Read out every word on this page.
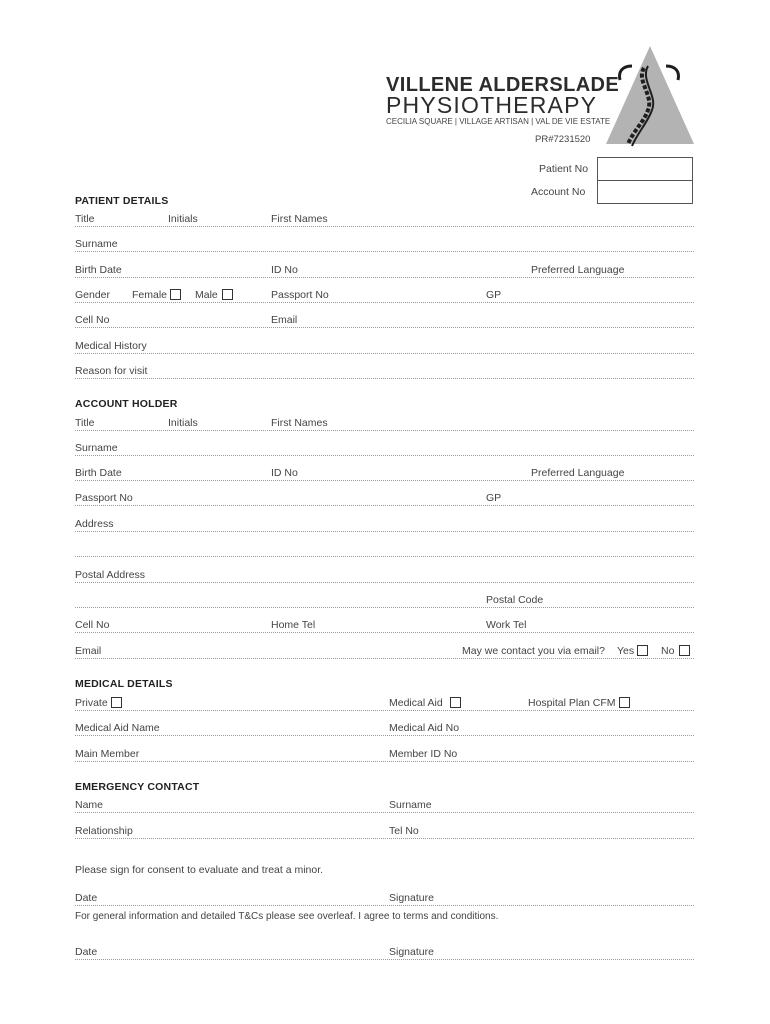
VILLENE ALDERSLADE
PHYSIOTHERAPY
CECILIA SQUARE | VILLAGE ARTISAN | VAL DE VIE ESTATE
PR#7231520
Patient No
Account No
PATIENT DETAILS
Title	Initials	First Names
Surname
Birth Date	ID No	Preferred Language
Gender Female	Male	Passport No	GP
Cell No	Email
Medical History
Reason for visit
ACCOUNT HOLDER
Title	Initials	First Names
Surname
Birth Date	ID No	Preferred Language
Passport No	GP
Address
Postal Address
Postal Code
Cell No	Home Tel	Work Tel
Email	May we contact you via email? Yes	No
MEDICAL DETAILS
Private	Medical Aid	Hospital Plan CFM
Medical Aid Name	Medical Aid No
Main Member	Member ID No
EMERGENCY CONTACT
Name	Surname
Relationship	Tel No
Please sign for consent to evaluate and treat a minor.
Date	Signature
For general information and detailed T&Cs please see overleaf. I agree to terms and conditions.
Date	Signature
